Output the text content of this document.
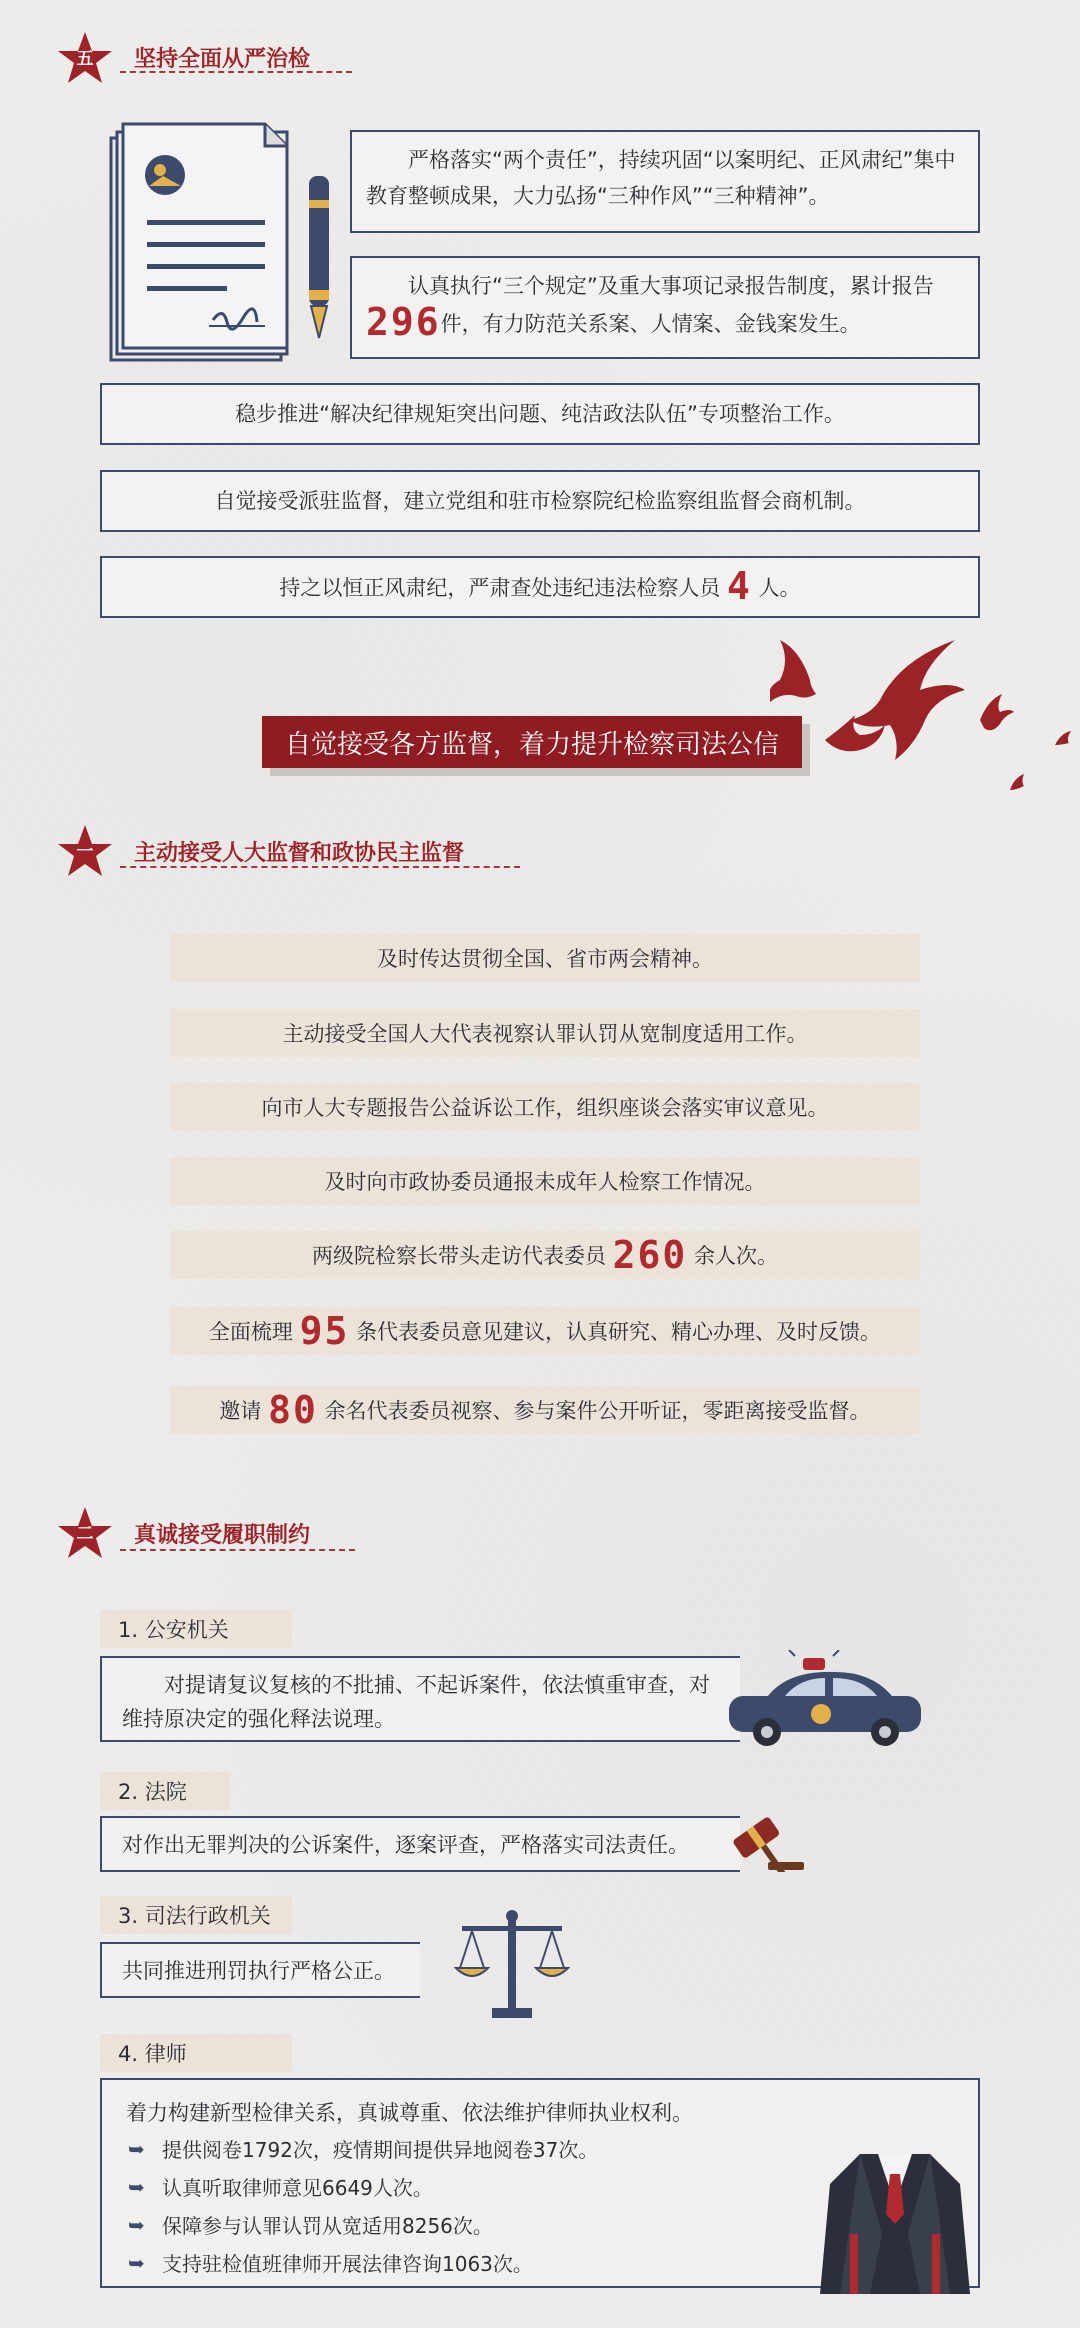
五	坚持全面从严治检

严格落实“两个责任”，持续巩固“以案明纪、正风肃纪”集中教育整顿成果，大力弘扬“三种作风”“三种精神”。

认真执行“三个规定”及重大事项记录报告制度，累计报告296件，有力防范关系案、人情案、金钱案发生。

稳步推进“解决纪律规矩突出问题、纯洁政法队伍”专项整治工作。

自觉接受派驻监督，建立党组和驻市检察院纪检监察组监督会商机制。

持之以恒正风肃纪，严肃查处违纪违法检察人员 4 人。

自觉接受各方监督，着力提升检察司法公信
一	主动接受人大监督和政协民主监督
及时传达贯彻全国、省市两会精神。
主动接受全国人大代表视察认罪认罚从宽制度适用工作。
向市人大专题报告公益诉讼工作，组织座谈会落实审议意见。
及时向市政协委员通报未成年人检察工作情况。
两级院检察长带头走访代表委员
260
余人次。
全面梳理
95
条代表委员意见建议，认真研究、精心办理、及时反馈。
邀请
80
余名代表委员视察、参与案件公开听证，零距离接受监督。
二	真诚接受履职制约
1. 公安机关
对提请复议复核的不批捕、不起诉案件，依法慎重审查，对维持原决定的强化释法说理。
2. 法院
对作出无罪判决的公诉案件，逐案评查，严格落实司法责任。
3. 司法行政机关
共同推进刑罚执行严格公正。
4. 律师
着力构建新型检律关系，真诚尊重、依法维护律师执业权利。
➥ 提供阅卷1792次，疫情期间提供异地阅卷37次。
➥ 认真听取律师意见6649人次。
➥ 保障参与认罪认罚从宽适用8256次。
➥ 支持驻检值班律师开展法律咨询1063次。
